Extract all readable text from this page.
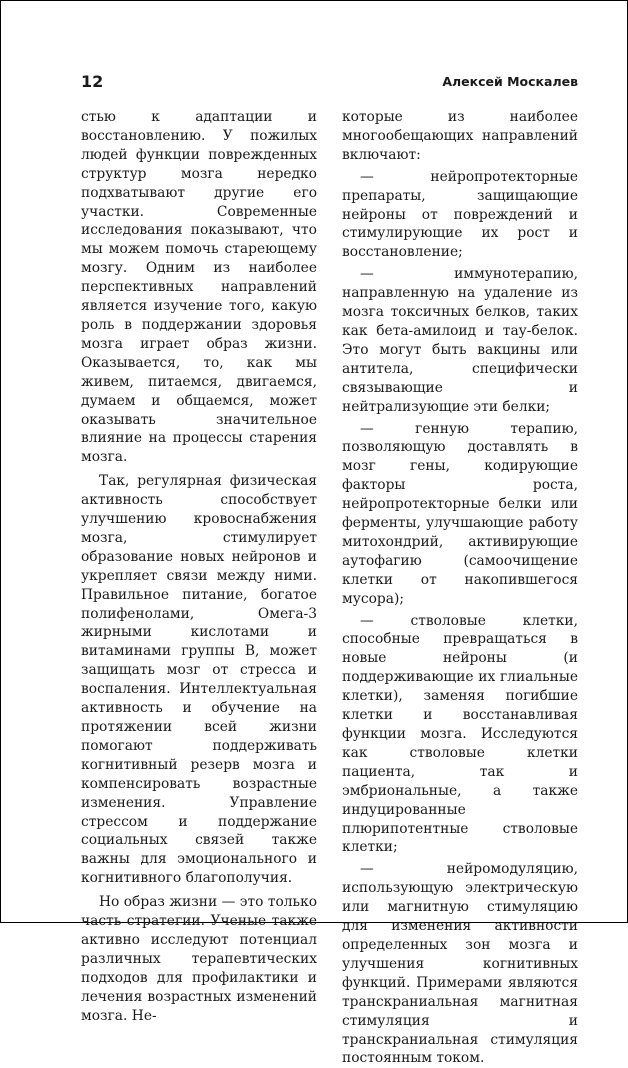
12	Алексей Москалев

стью к адаптации и восстановлению. У пожилых людей функции поврежденных структур мозга нередко подхватывают другие его участки. Современные исследования показывают, что мы можем помочь стареющему мозгу. Одним из наиболее перспективных направлений является изучение того, какую роль в поддержании здоровья мозга играет образ жизни. Оказывается, то, как мы живем, питаемся, двигаемся, думаем и общаемся, может оказывать значительное влияние на процессы старения мозга.

Так, регулярная физическая активность способствует улучшению кровоснабжения мозга, стимулирует образование новых нейронов и укрепляет связи между ними. Правильное питание, богатое полифенолами, Омега-3 жирными кислотами и витаминами группы В, может защищать мозг от стресса и воспаления. Интеллектуальная активность и обучение на протяжении всей жизни помогают поддерживать когнитивный резерв мозга и компенсировать возрастные изменения. Управление стрессом и поддержание социальных связей также важны для эмоционального и когнитивного благополучия.

Но образ жизни — это только часть стратегии. Ученые также активно исследуют потенциал различных терапевтических подходов для профилактики и лечения возрастных изменений мозга. Не-

которые из наиболее многообещающих направлений включают:

— нейропротекторные препараты, защищающие нейроны от повреждений и стимулирующие их рост и восстановление;

— иммунотерапию, направленную на удаление из мозга токсичных белков, таких как бета-амилоид и тау-белок. Это могут быть вакцины или антитела, специфически связывающие и нейтрализующие эти белки;

— генную терапию, позволяющую доставлять в мозг гены, кодирующие факторы роста, нейропротекторные белки или ферменты, улучшающие работу митохондрий, активирующие аутофагию (самоочищение клетки от накопившегося мусора);

— стволовые клетки, способные превращаться в новые нейроны (и поддерживающие их глиальные клетки), заменяя погибшие клетки и восстанавливая функции мозга. Исследуются как стволовые клетки пациента, так и эмбриональные, а также индуцированные плюрипотентные стволовые клетки;

— нейромодуляцию, использующую электрическую или магнитную стимуляцию для изменения активности определенных зон мозга и улучшения когнитивных функций. Примерами являются транскраниальная магнитная стимуляция и транскраниальная стимуляция постоянным током.
